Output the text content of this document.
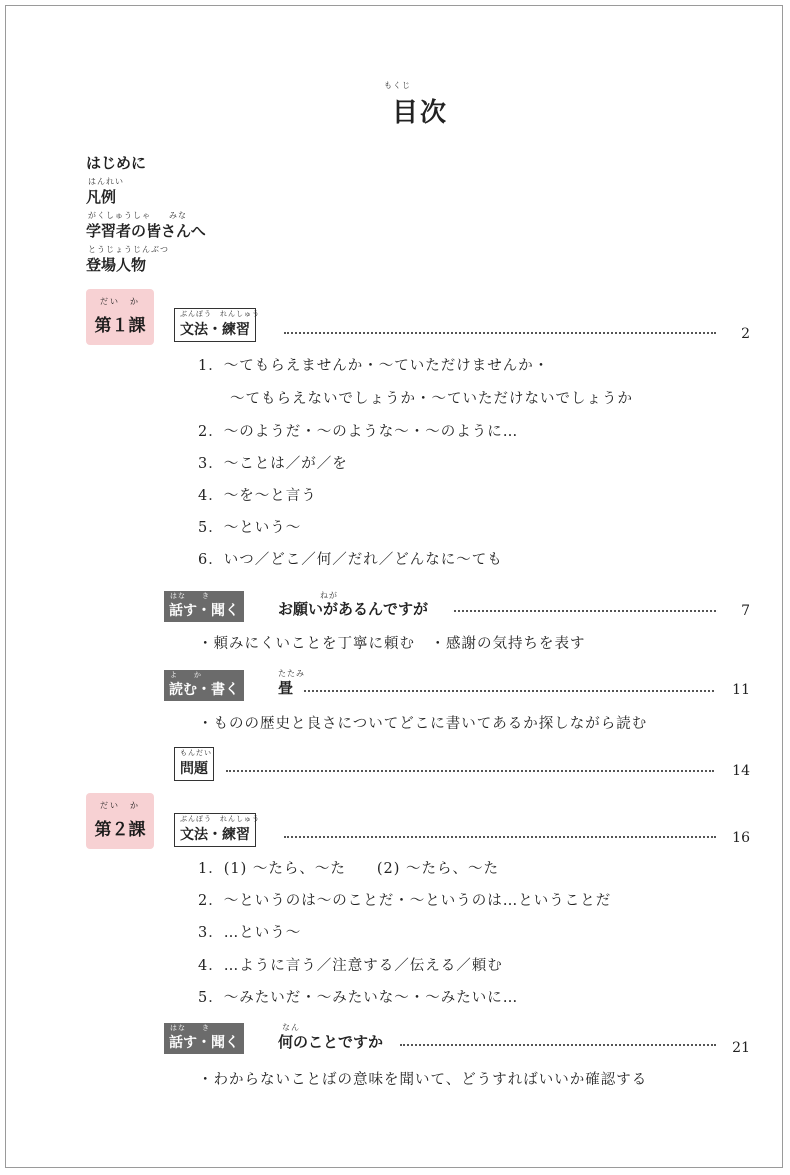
もくじ
目次
はじめに
はんれい
凡例
がくしゅうしゃ　　みな
学習者の皆さんへ
とうじょうじんぶつ
登場人物
だい　か
第１課
ぶんぽう　れんしゅう
文法・練習	2
1．～てもらえませんか・～ていただけませんか・
～てもらえないでしょうか・～ていただけないでしょうか
2．～のようだ・～のような～・～のように…
3．～ことは／が／を
4．～を～と言う
5．～という～
6．いつ／どこ／何／だれ／どんなに～ても
はな　　き
話す・聞く
ねが
お願いがあるんですが	7
・頼みにくいことを丁寧に頼む　・感謝の気持ちを表す
よ　　か
読む・書く
たたみ
畳	11
・ものの歴史と良さについてどこに書いてあるか探しながら読む
もんだい
問題	14
だい　か
第２課
ぶんぽう　れんしゅう
文法・練習	16
1．(1) ～たら、～た　　(2) ～たら、～た
2．～というのは～のことだ・～というのは…ということだ
3．…という～
4．…ように言う／注意する／伝える／頼む
5．～みたいだ・～みたいな～・～みたいに…
はな　　き
話す・聞く
なん
何のことですか	21
・わからないことばの意味を聞いて、どうすればいいか確認する
